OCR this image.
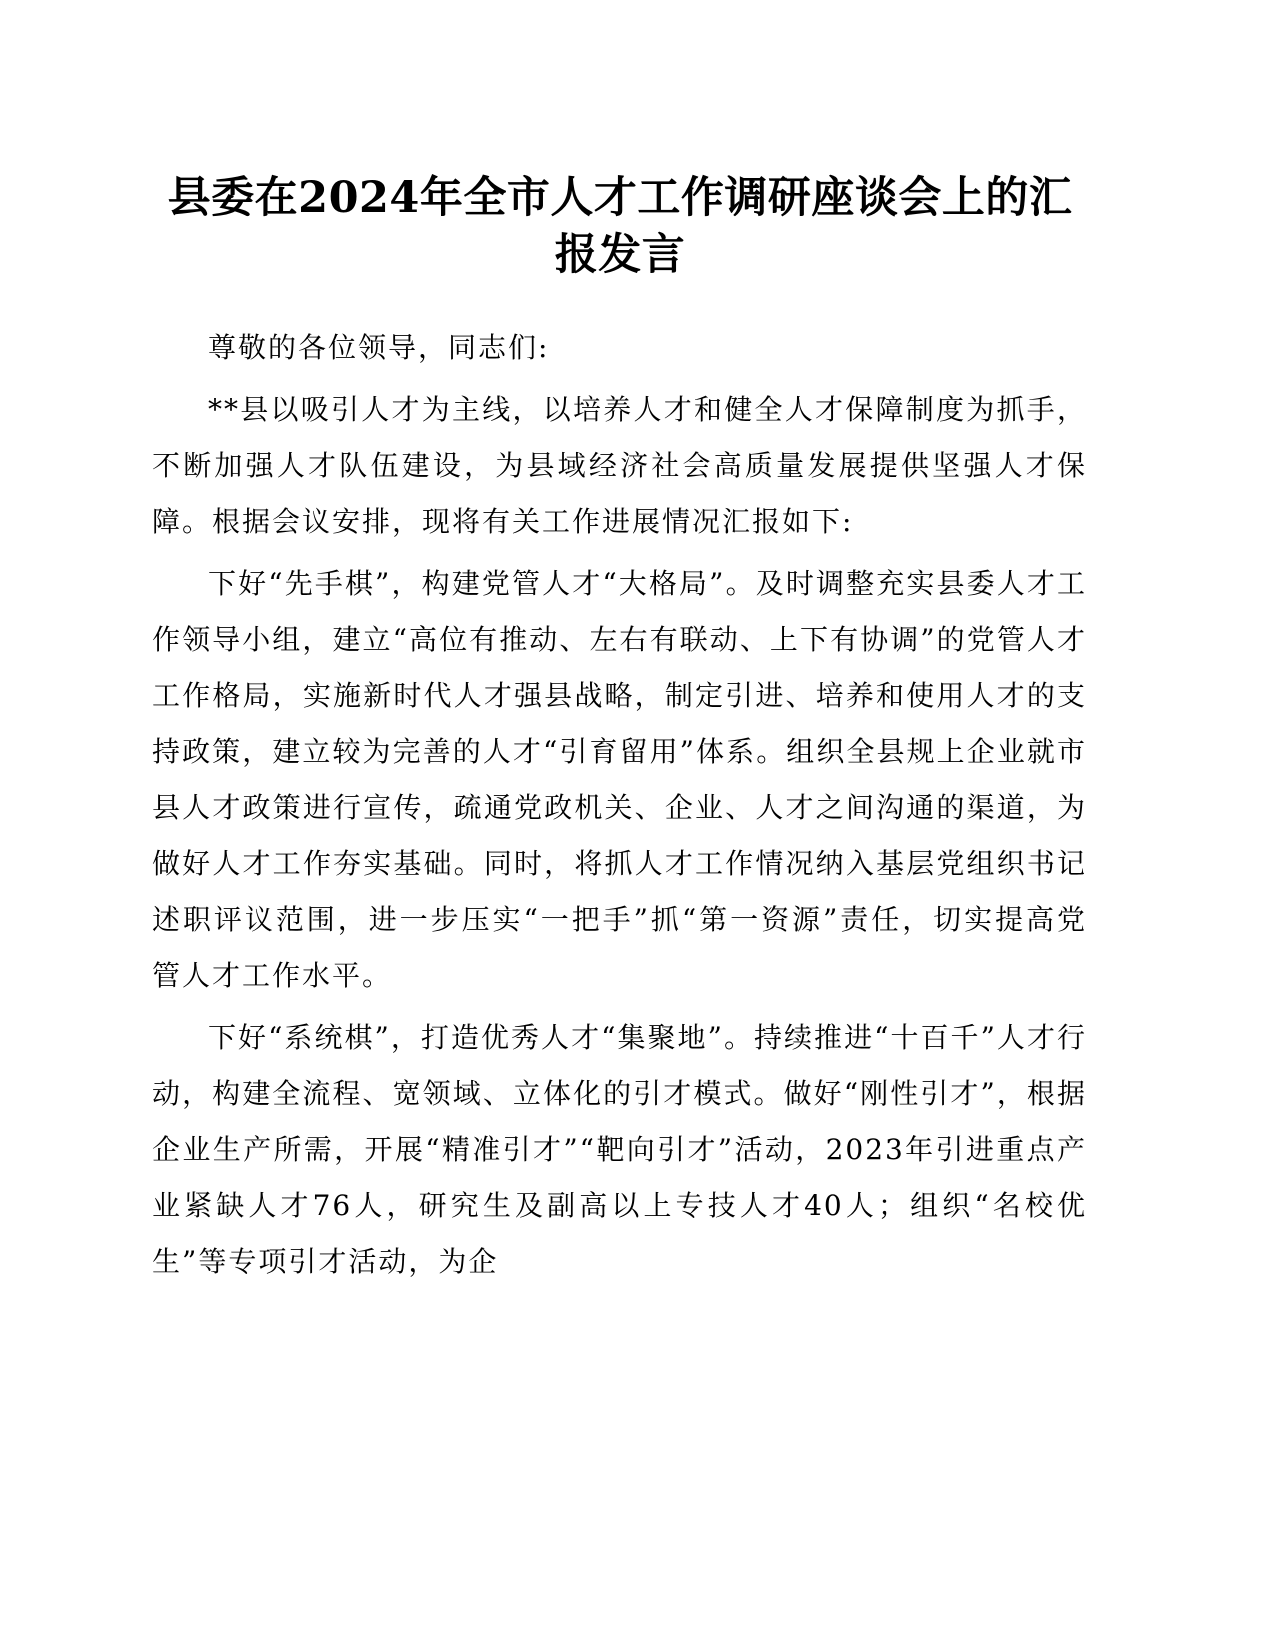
县委在2024年全市人才工作调研座谈会上的汇报发言

尊敬的各位领导，同志们:

**县以吸引人才为主线，以培养人才和健全人才保障制度为抓手，不断加强人才队伍建设，为县域经济社会高质量发展提供坚强人才保障。根据会议安排，现将有关工作进展情况汇报如下:

下好“先手棋”，构建党管人才“大格局”。及时调整充实县委人才工作领导小组，建立“高位有推动、左右有联动、上下有协调”的党管人才工作格局，实施新时代人才强县战略，制定引进、培养和使用人才的支持政策，建立较为完善的人才“引育留用”体系。组织全县规上企业就市县人才政策进行宣传，疏通党政机关、企业、人才之间沟通的渠道，为做好人才工作夯实基础。同时，将抓人才工作情况纳入基层党组织书记述职评议范围，进一步压实“一把手”抓“第一资源”责任，切实提高党管人才工作水平。

下好“系统棋”，打造优秀人才“集聚地”。持续推进“十百千”人才行动，构建全流程、宽领域、立体化的引才模式。做好“刚性引才”，根据企业生产所需，开展“精准引才”“靶向引才”活动，2023年引进重点产业紧缺人才76人，研究生及副高以上专技人才40人；组织“名校优生”等专项引才活动，为企
